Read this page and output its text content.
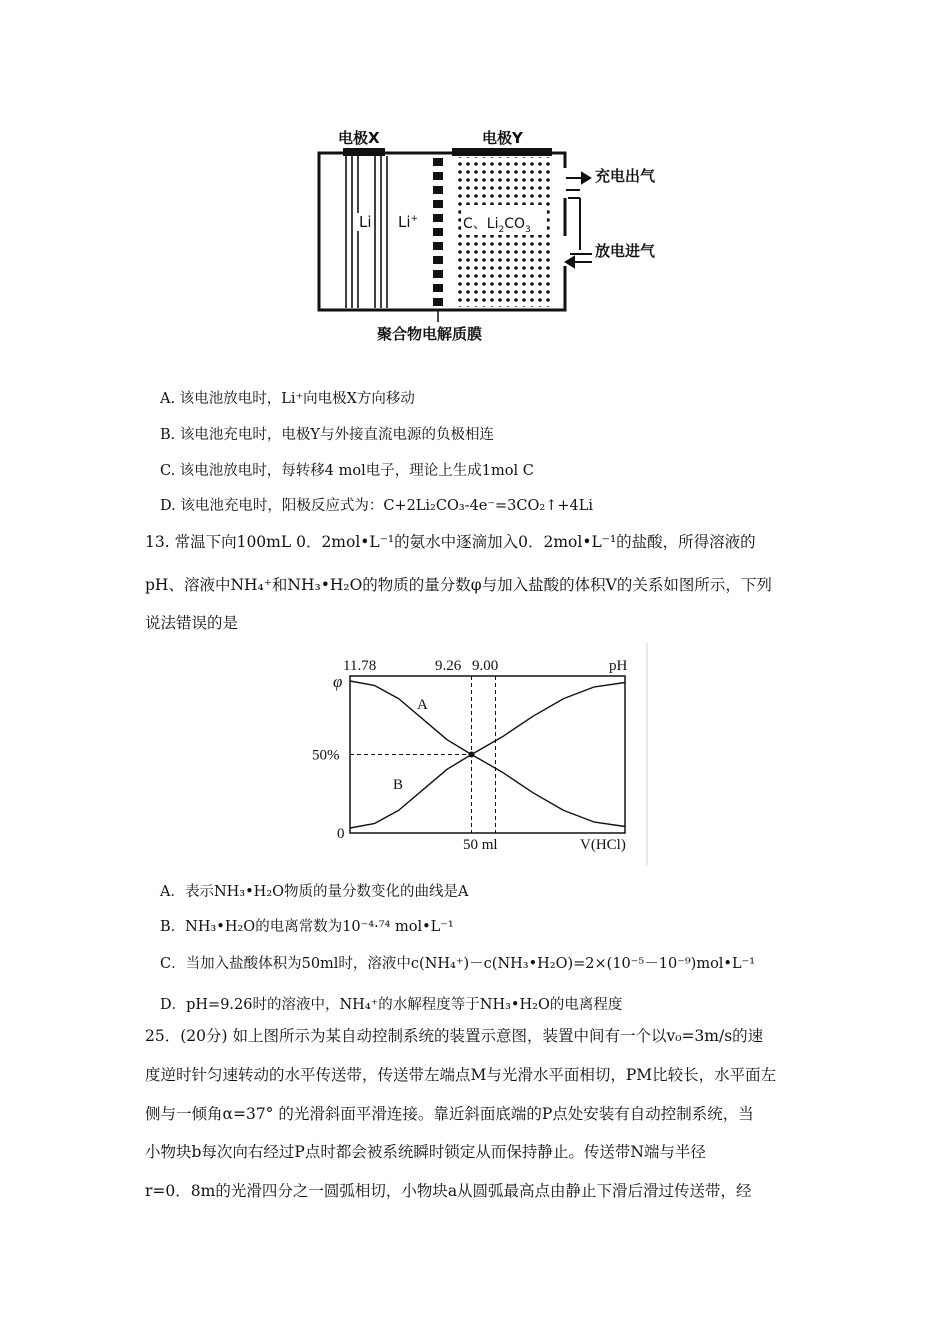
电极X	电极Y
Li Li+	C、$Li_2CO_3$
充电出气
放电进气
聚合物电解质膜
A. 该电池放电时，Li⁺向电极X方向移动
B. 该电池充电时，电极Y与外接直流电源的负极相连
C. 该电池放电时，每转移4 mol电子，理论上生成1mol C
D. 该电池充电时，阳极反应式为：C+2Li₂CO₃-4e⁻=3CO₂↑+4Li
13. 常温下向100mL 0．2mol•L⁻¹的氨水中逐滴加入0．2mol•L⁻¹的盐酸，所得溶液的
pH、溶液中NH₄⁺和NH₃•H₂O的物质的量分数φ与加入盐酸的体积V的关系如图所示，下列
说法错误的是
A
B
11.78	9.26 9.00	pH
φ
50%
0
50 ml	V(HCl)
A．表示NH₃•H₂O物质的量分数变化的曲线是A
B．NH₃•H₂O的电离常数为10⁻⁴·⁷⁴ mol•L⁻¹
C．当加入盐酸体积为50ml时，溶液中c(NH₄⁺)－c(NH₃•H₂O)=2×(10⁻⁵－10⁻⁹)mol•L⁻¹
D．pH=9.26时的溶液中，NH₄⁺的水解程度等于NH₃•H₂O的电离程度
25．(20分) 如上图所示为某自动控制系统的装置示意图，装置中间有一个以v₀=3m/s的速
度逆时针匀速转动的水平传送带，传送带左端点M与光滑水平面相切，PM比较长，水平面左
侧与一倾角α=37° 的光滑斜面平滑连接。靠近斜面底端的P点处安装有自动控制系统，当
小物块b每次向右经过P点时都会被系统瞬时锁定从而保持静止。传送带N端与半径
r=0．8m的光滑四分之一圆弧相切，小物块a从圆弧最高点由静止下滑后滑过传送带，经
